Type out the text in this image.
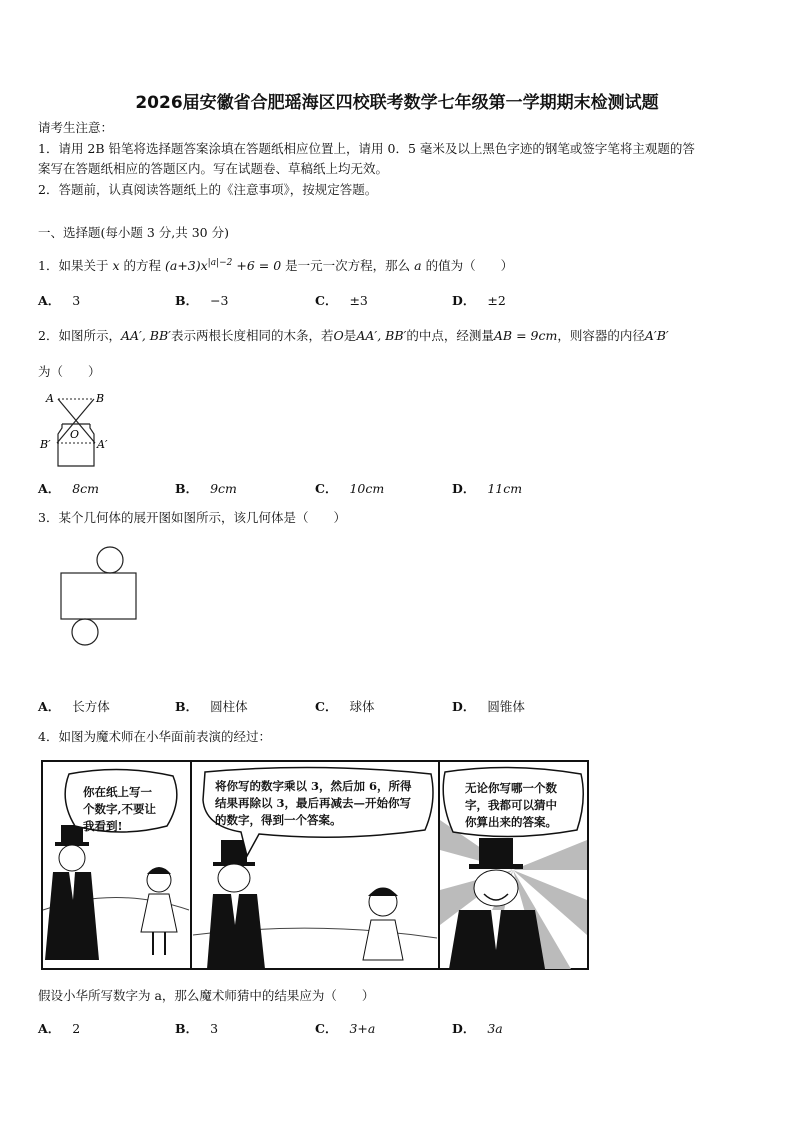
2026届安徽省合肥瑶海区四校联考数学七年级第一学期期末检测试题
请考生注意：
1．请用 2B 铅笔将选择题答案涂填在答题纸相应位置上，请用 0．5 毫米及以上黑色字迹的钢笔或签字笔将主观题的答
案写在答题纸相应的答题区内。写在试题卷、草稿纸上均无效。
2．答题前，认真阅读答题纸上的《注意事项》，按规定答题。
一、选择题(每小题 3 分,共 30 分)
1．如果关于 x 的方程 $(a+3)x^{|a|-2} +6 = 0$ 是一元一次方程，那么 a 的值为（　　）
A． 3	B． −3	C． ±3	D． ±2
2．如图所示，AA′, BB′表示两根长度相同的木条，若O是AA′, BB′的中点，经测量AB = 9cm，则容器的内径A′B′
为（　　）
A	B
O
B′	A′
A． 8cm	B． 9cm	C． 10cm	D． 11cm
3．某个几何体的展开图如图所示，该几何体是（　　）
A． 长方体	B． 圆柱体	C． 球体	D． 圆锥体
4．如图为魔术师在小华面前表演的经过：
你在纸上写一
个数字,不要让
我看到!
将你写的数字乘以 3，然后加 6，所得
结果再除以 3，最后再减去—开始你写
的数字，得到一个答案。
无论你写哪一个数
字，我都可以猜中
你算出来的答案。
假设小华所写数字为 a，那么魔术师猜中的结果应为（　　）
A． 2	B． 3	C． 3+a	D． 3a
